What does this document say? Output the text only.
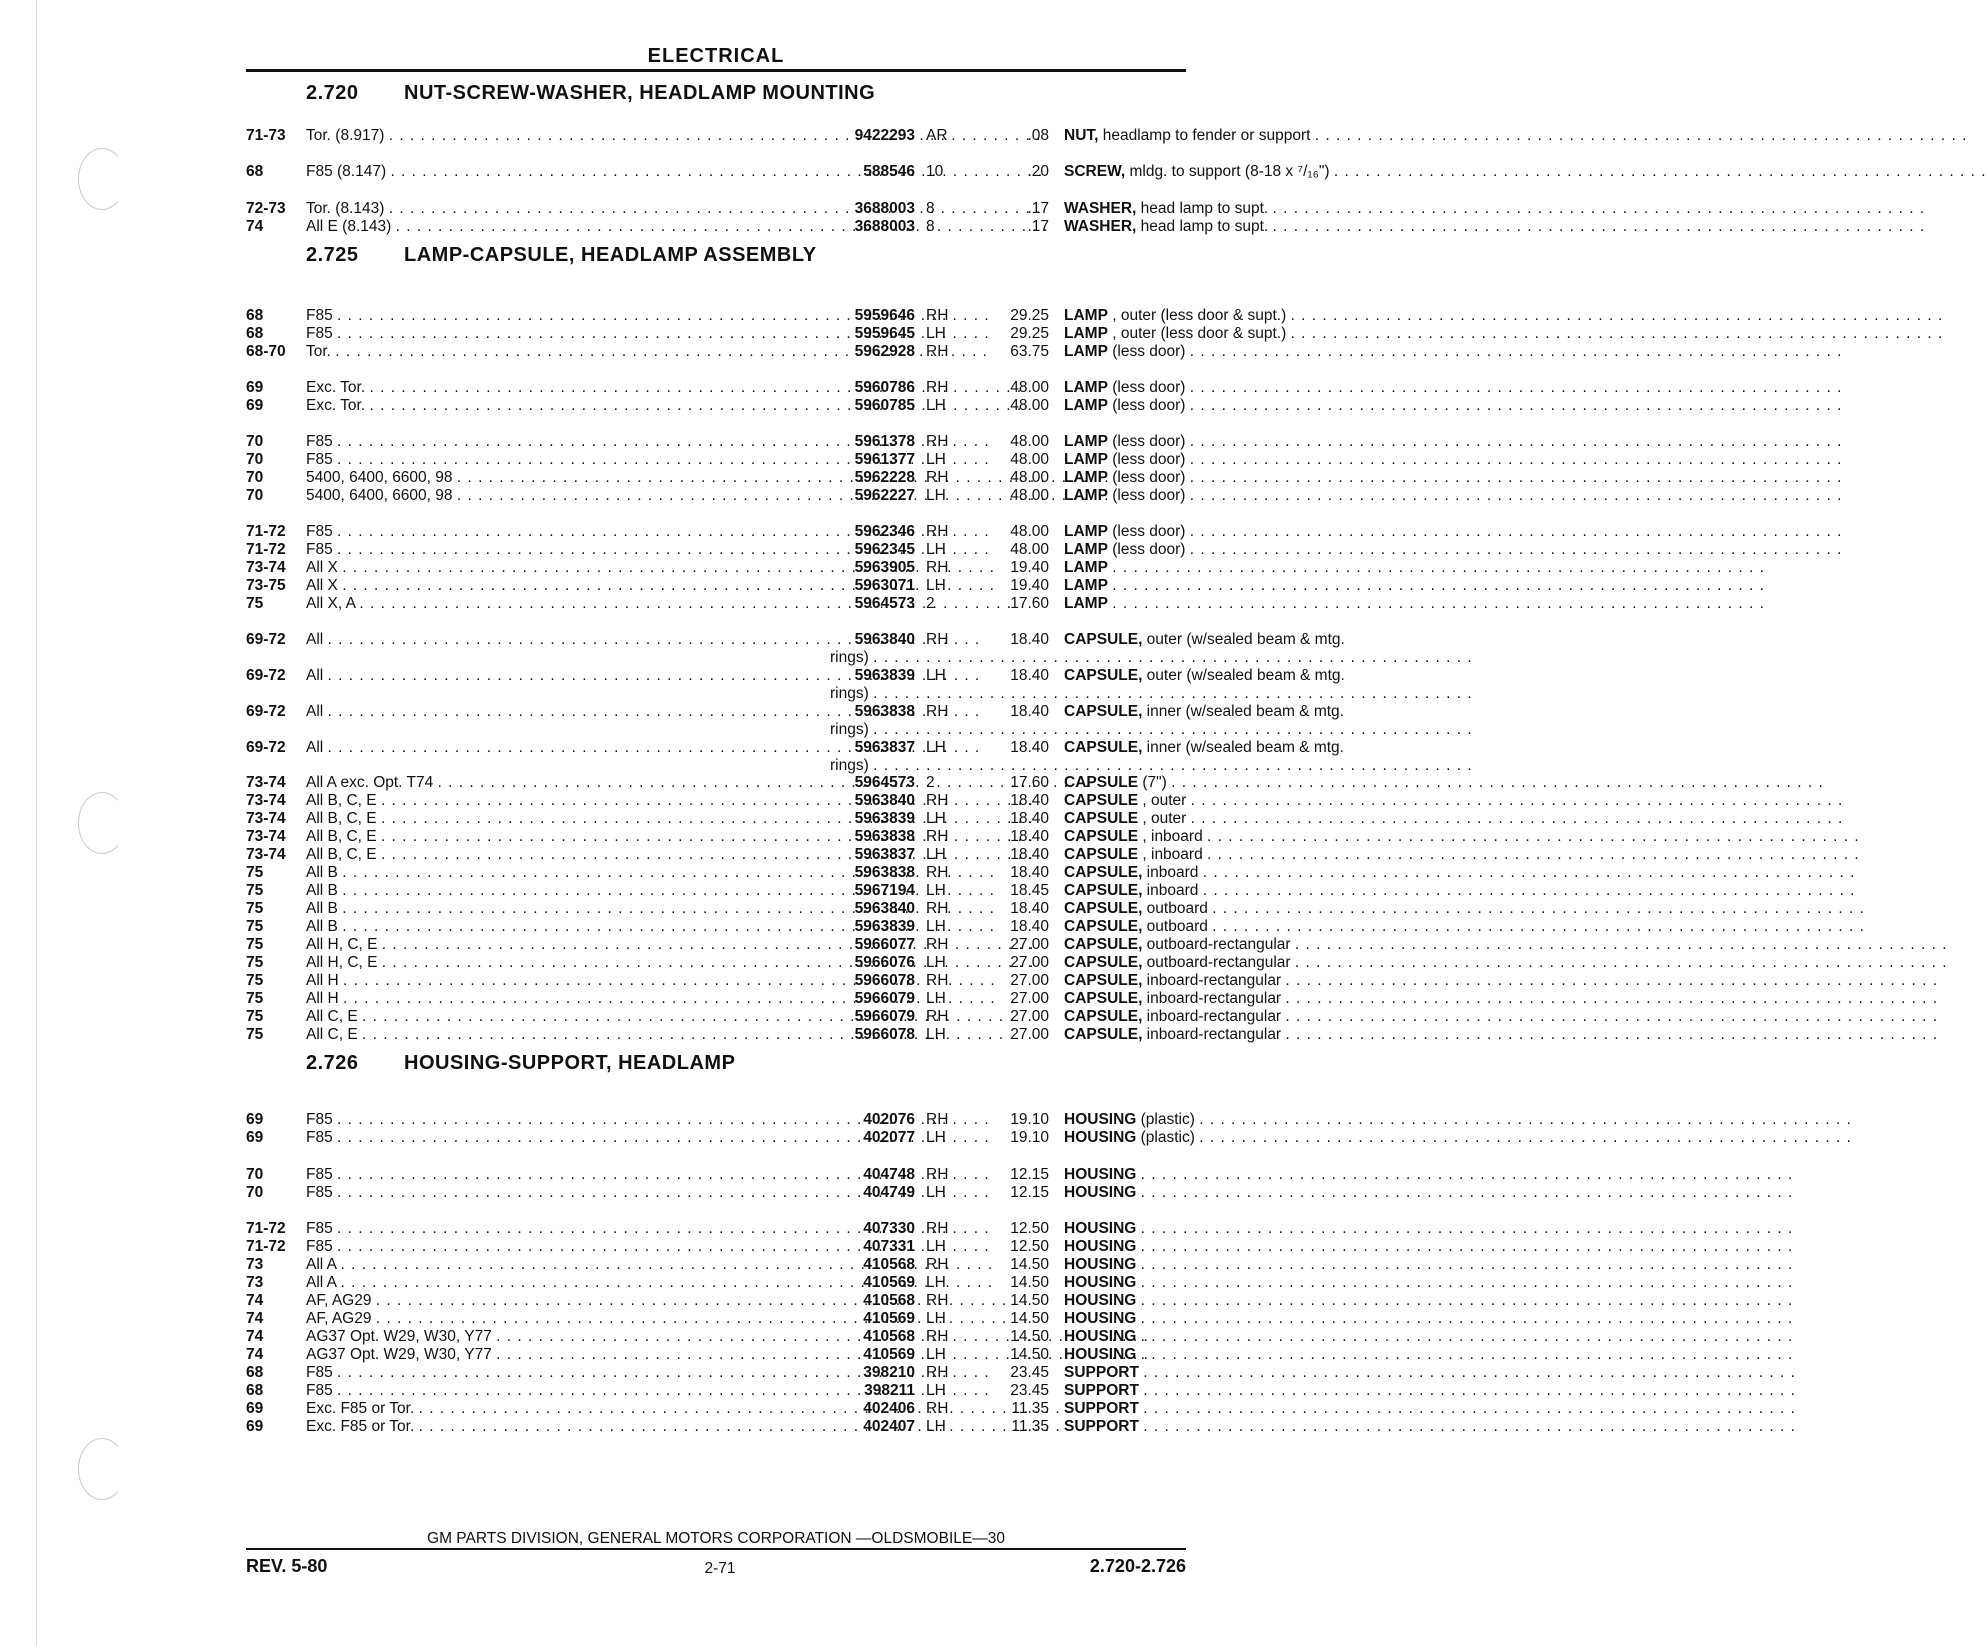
ELECTRICAL
2.720 NUT-SCREW-WASHER, HEADLAMP MOUNTING
71-73	Tor. (8.917) . . .	9422293 AR	.08 NUT, headlamp to fender or support . . .
68	F85 (8.147) . . .	588546 10	.20 SCREW, mldg. to support (8-18 x ⁷/₁₆") . . .
72-73	Tor. (8.143) . . .	3688003 8	.17 WASHER, head lamp to supt. . . .
74	All E (8.143) . . .	3688003 8	.17 WASHER, head lamp to supt. . . .
2.725 LAMP-CAPSULE, HEADLAMP ASSEMBLY
68	F85 . . .	5959646 RH	29.25 LAMP , outer (less door & supt.) . . .
68	F85 . . .	5959645 LH	29.25 LAMP , outer (less door & supt.) . . .
68-70	Tor. . . .	5962928 RH	63.75 LAMP (less door) . . .
69	Exc. Tor. . . .	5960786 RH	48.00 LAMP (less door) . . .
69	Exc. Tor. . . .	5960785 LH	48.00 LAMP (less door) . . .
70	F85 . . .	5961378 RH	48.00 LAMP (less door) . . .
70	F85 . . .	5961377 LH	48.00 LAMP (less door) . . .
70	5400, 6400, 6600, 98 . . .	5962228 RH	48.00 LAMP (less door) . . .
70	5400, 6400, 6600, 98 . . .	5962227 LH	48.00 LAMP (less door) . . .
71-72	F85 . . .	5962346 RH	48.00 LAMP (less door) . . .
71-72	F85 . . .	5962345 LH	48.00 LAMP (less door) . . .
73-74	All X . . .	5963905 RH	19.40 LAMP . . .
73-75	All X . . .	5963071 LH	19.40 LAMP . . .
75	All X, A . . .	5964573 2	17.60 LAMP . . .
69-72	All . . .	5963840 RH	18.40 CAPSULE, outer (w/sealed beam & mtg.
rings) . . .
69-72	All . . .	5963839 LH	18.40 CAPSULE, outer (w/sealed beam & mtg.
rings) . . .
69-72	All . . .	5963838 RH	18.40 CAPSULE, inner (w/sealed beam & mtg.
rings) . . .
69-72	All . . .	5963837 LH	18.40 CAPSULE, inner (w/sealed beam & mtg.
rings) . . .
73-74	All A exc. Opt. T74 . . .	5964573 2	17.60 CAPSULE (7") . . .
73-74	All B, C, E . . .	5963840 RH	18.40 CAPSULE , outer . . .
73-74	All B, C, E . . .	5963839 LH	18.40 CAPSULE , outer . . .
73-74	All B, C, E . . .	5963838 RH	18.40 CAPSULE , inboard . . .
73-74	All B, C, E . . .	5963837 LH	18.40 CAPSULE , inboard . . .
75	All B . . .	5963838 RH	18.40 CAPSULE, inboard . . .
75	All B . . .	5967194 LH	18.45 CAPSULE, inboard . . .
75	All B . . .	5963840 RH	18.40 CAPSULE, outboard . . .
75	All B . . .	5963839 LH	18.40 CAPSULE, outboard . . .
75	All H, C, E . . .	5966077 RH	27.00 CAPSULE, outboard-rectangular . . .
75	All H, C, E . . .	5966076 LH	27.00 CAPSULE, outboard-rectangular . . .
75	All H . . .	5966078 RH	27.00 CAPSULE, inboard-rectangular . . .
75	All H . . .	5966079 LH	27.00 CAPSULE, inboard-rectangular . . .
75	All C, E . . .	5966079 RH	27.00 CAPSULE, inboard-rectangular . . .
75	All C, E . . .	5966078 LH	27.00 CAPSULE, inboard-rectangular . . .
2.726 HOUSING-SUPPORT, HEADLAMP
69	F85 . . .	402076 RH	19.10 HOUSING (plastic) . . .
69	F85 . . .	402077 LH	19.10 HOUSING (plastic) . . .
70	F85 . . .	404748 RH	12.15 HOUSING . . .
70	F85 . . .	404749 LH	12.15 HOUSING . . .
71-72	F85 . . .	407330 RH	12.50 HOUSING . . .
71-72	F85 . . .	407331 LH	12.50 HOUSING . . .
73	All A . . .	410568 RH	14.50 HOUSING . . .
73	All A . . .	410569 LH	14.50 HOUSING . . .
74	AF, AG29 . . .	410568 RH	14.50 HOUSING . . .
74	AF, AG29 . . .	410569 LH	14.50 HOUSING . . .
74	AG37 Opt. W29, W30, Y77 . . .	410568 RH	14.50 HOUSING . . .
74	AG37 Opt. W29, W30, Y77 . . .	410569 LH	14.50 HOUSING . . .
68	F85 . . .	398210 RH	23.45 SUPPORT . . .
68	F85 . . .	398211 LH	23.45 SUPPORT . . .
69	Exc. F85 or Tor. . . .	402406 RH	11.35 SUPPORT . . .
69	Exc. F85 or Tor. . . .	402407 LH	11.35 SUPPORT . . .
GM PARTS DIVISION, GENERAL MOTORS CORPORATION —OLDSMOBILE—30
REV. 5-80	2-71	2.720-2.726
